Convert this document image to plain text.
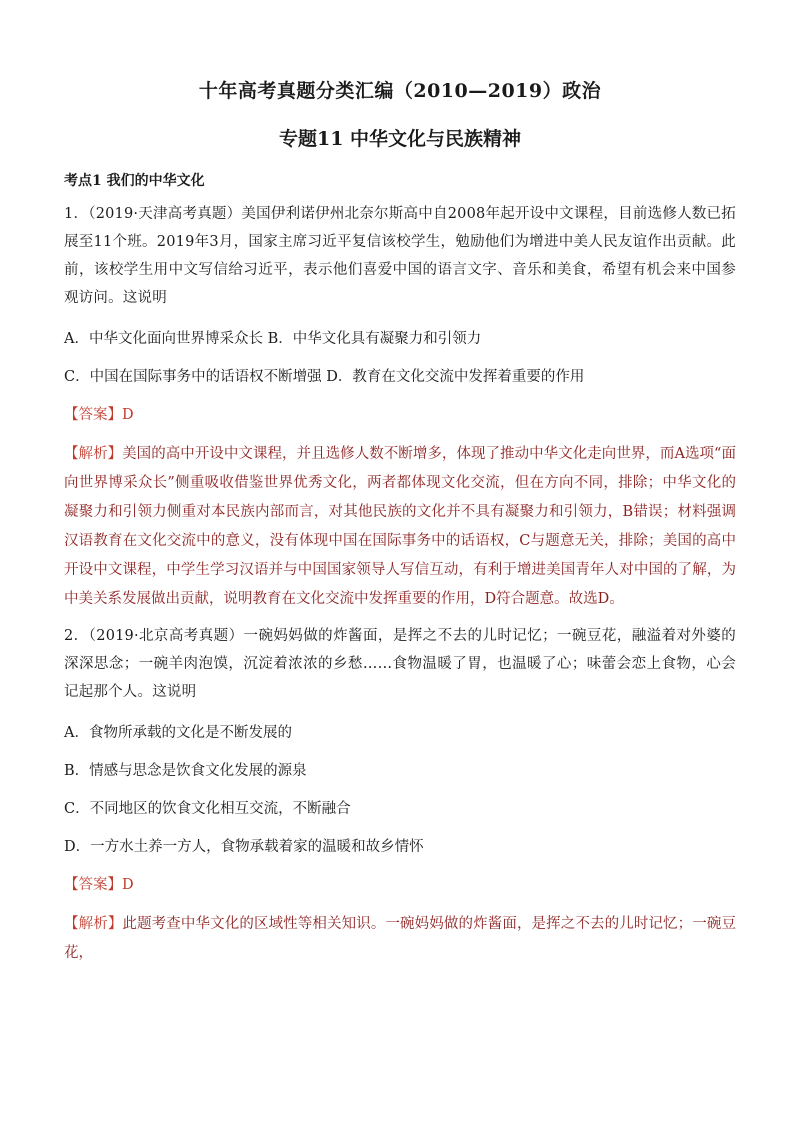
十年高考真题分类汇编（2010—2019）政治
专题11 中华文化与民族精神
考点1 我们的中华文化
1．（2019·天津高考真题）美国伊利诺伊州北奈尔斯高中自2008年起开设中文课程，目前选修人数已拓展至11个班。2019年3月，国家主席习近平复信该校学生，勉励他们为增进中美人民友谊作出贡献。此前，该校学生用中文写信给习近平，表示他们喜爱中国的语言文字、音乐和美食，希望有机会来中国参观访问。这说明
A．中华文化面向世界博采众长 B．中华文化具有凝聚力和引领力
C．中国在国际事务中的话语权不断增强 D．教育在文化交流中发挥着重要的作用
【答案】D
【解析】美国的高中开设中文课程，并且选修人数不断增多，体现了推动中华文化走向世界，而A选项“面向世界博采众长”侧重吸收借鉴世界优秀文化，两者都体现文化交流，但在方向不同，排除；中华文化的凝聚力和引领力侧重对本民族内部而言，对其他民族的文化并不具有凝聚力和引领力，B错误；材料强调汉语教育在文化交流中的意义，没有体现中国在国际事务中的话语权，C与题意无关，排除；美国的高中开设中文课程，中学生学习汉语并与中国国家领导人写信互动，有利于增进美国青年人对中国的了解，为中美关系发展做出贡献，说明教育在文化交流中发挥重要的作用，D符合题意。故选D。
2．（2019·北京高考真题）一碗妈妈做的炸酱面，是挥之不去的儿时记忆；一碗豆花，融溢着对外婆的深深思念；一碗羊肉泡馍，沉淀着浓浓的乡愁……食物温暖了胃，也温暖了心；味蕾会恋上食物，心会记起那个人。这说明
A．食物所承载的文化是不断发展的
B．情感与思念是饮食文化发展的源泉
C．不同地区的饮食文化相互交流，不断融合
D．一方水土养一方人，食物承载着家的温暖和故乡情怀
【答案】D
【解析】此题考查中华文化的区域性等相关知识。一碗妈妈做的炸酱面，是挥之不去的儿时记忆；一碗豆花，
